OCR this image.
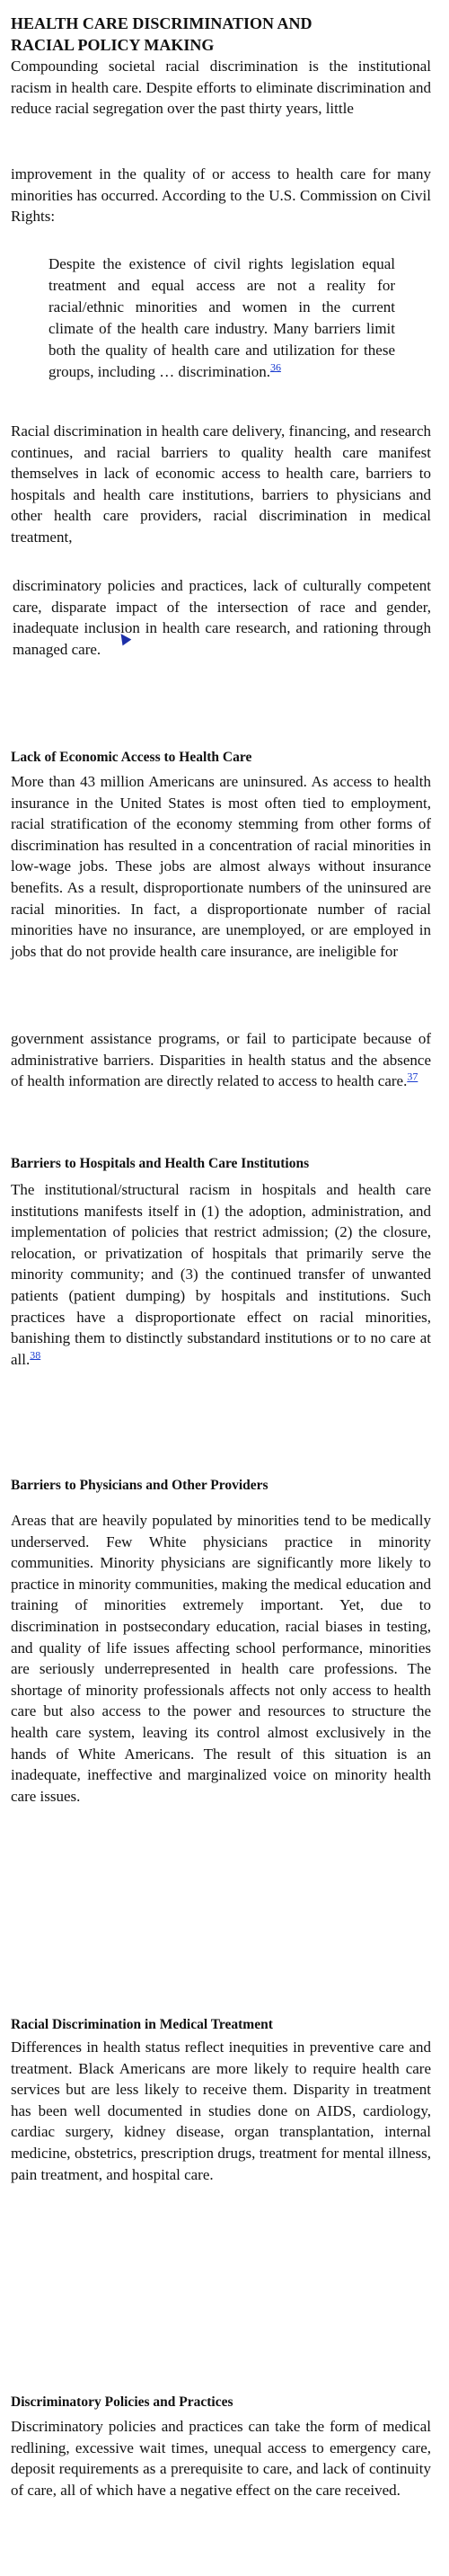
HEALTH CARE DISCRIMINATION AND
RACIAL POLICY MAKING

Compounding societal racial discrimination is the institutional racism in health care. Despite efforts to eliminate discrimination and reduce racial segregation over the past thirty years, little

improvement in the quality of or access to health care for many minorities has occurred. According to the U.S. Commission on Civil Rights:

Despite the existence of civil rights legislation equal treatment and equal access are not a reality for racial/ethnic minorities and women in the current climate of the health care industry. Many barriers limit both the quality of health care and utilization for these groups, including … discrimination.$^{36}$

Racial discrimination in health care delivery, financing, and research continues, and racial barriers to quality health care manifest themselves in lack of economic access to health care, barriers to hospitals and health care institutions, barriers to physicians and other health care providers, racial discrimination in medical treatment,

discriminatory policies and practices, lack of culturally competent care, disparate impact of the intersection of race and gender, inadequate inclusion in health care research, and rationing through managed care.

Lack of Economic Access to Health Care

More than 43 million Americans are uninsured. As access to health insurance in the United States is most often tied to employment, racial stratification of the economy stemming from other forms of discrimination has resulted in a concentration of racial minorities in low-wage jobs. These jobs are almost always without insurance benefits. As a result, disproportionate numbers of the uninsured are racial minorities. In fact, a disproportionate number of racial minorities have no insurance, are unemployed, or are employed in jobs that do not provide health care insurance, are ineligible for

government assistance programs, or fail to participate because of administrative barriers. Disparities in health status and the absence of health information are directly related to access to health care.$^{37}$

Barriers to Hospitals and Health Care Institutions

The institutional/structural racism in hospitals and health care institutions manifests itself in (1) the adoption, administration, and implementation of policies that restrict admission; (2) the closure, relocation, or privatization of hospitals that primarily serve the minority community; and (3) the continued transfer of unwanted patients (patient dumping) by hospitals and institutions. Such practices have a disproportionate effect on racial minorities, banishing them to distinctly substandard institutions or to no care at all.$^{38}$

Barriers to Physicians and Other Providers

Areas that are heavily populated by minorities tend to be medically underserved. Few White physicians practice in minority communities. Minority physicians are significantly more likely to practice in minority communities, making the medical education and training of minorities extremely important. Yet, due to discrimination in postsecondary education, racial biases in testing, and quality of life issues affecting school performance, minorities are seriously underrepresented in health care professions. The shortage of minority professionals affects not only access to health care but also access to the power and resources to structure the health care system, leaving its control almost exclusively in the hands of White Americans. The result of this situation is an inadequate, ineffective and marginalized voice on minority health care issues.

Racial Discrimination in Medical Treatment

Differences in health status reflect inequities in preventive care and treatment. Black Americans are more likely to require health care services but are less likely to receive them. Disparity in treatment has been well documented in studies done on AIDS, cardiology, cardiac surgery, kidney disease, organ transplantation, internal medicine, obstetrics, prescription drugs, treatment for mental illness, pain treatment, and hospital care.

Discriminatory Policies and Practices

Discriminatory policies and practices can take the form of medical redlining, excessive wait times, unequal access to emergency care, deposit requirements as a prerequisite to care, and lack of continuity of care, all of which have a negative effect on the care received.
